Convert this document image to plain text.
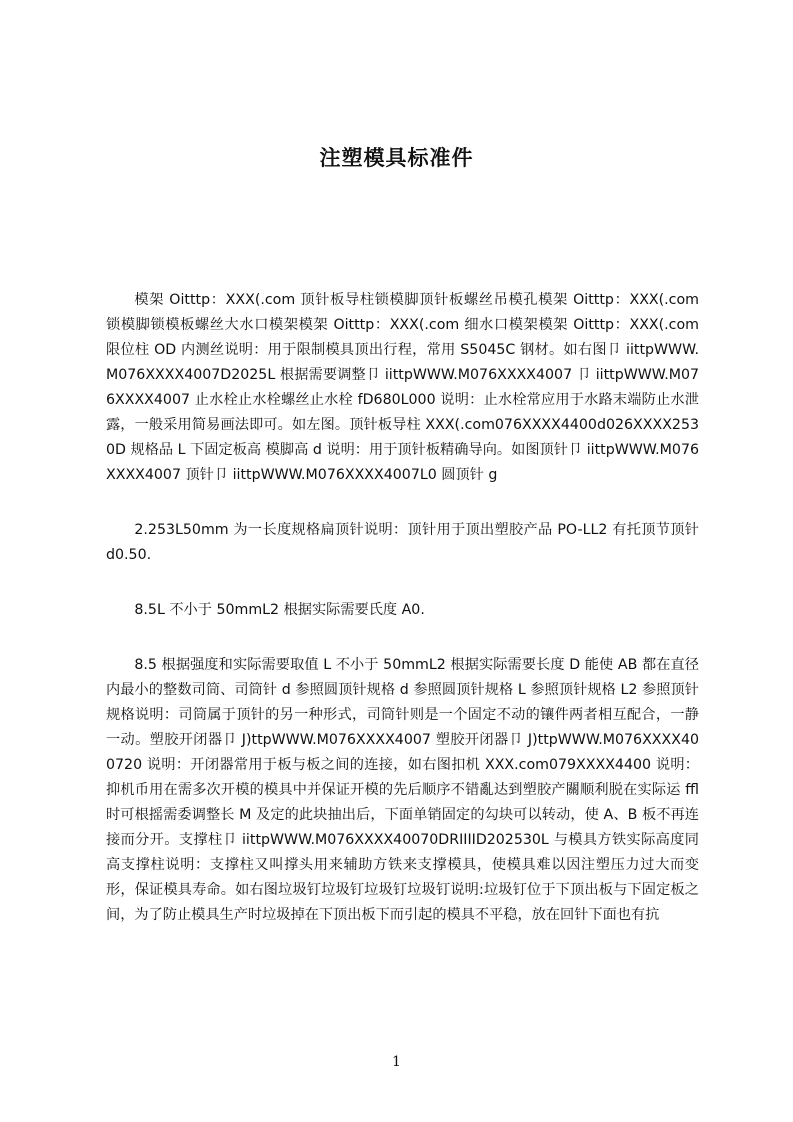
注塑模具标准件

模架 Oitttp：XXX(.com 顶针板导柱锁模脚顶针板螺丝吊模孔模架 Oitttp：XXX(.com 锁模脚锁模板螺丝大水口模架模架 Oitttp：XXX(.com 细水口模架模架 Oitttp：XXX(.com 限位柱 OD 内测丝说明：用于限制模具顶出行程，常用 S5045C 钢材。如右图卩 iittpWWW.M076XXXX4007D2025L 根据需要调整卩 iittpWWW.M076XXXX4007 卩 iittpWWW.M076XXXX4007 止水栓止水栓螺丝止水栓 fD680L000 说明：止水栓常应用于水路末端防止水泄露，一般采用简易画法即可。如左图。顶针板导柱 XXX(.com076XXXX4400d026XXXX2530D 规格品 L 下固定板高 模脚高 d 说明：用于顶针板精确导向。如图顶针卩 iittpWWW.M076XXXX4007 顶针卩 iittpWWW.M076XXXX4007L0 圆顶针 g

2.253L50mm 为一长度规格扁顶针说明：顶针用于顶出塑胶产品 PO-LL2 有托顶节顶针 d0.50.

8.5L 不小于 50mmL2 根据实际需要氏度 A0.

8.5 根据强度和实际需要取值 L 不小于 50mmL2 根据实际需要长度 D 能使 AB 都在直径内最小的整数司筒、司筒针 d 参照圆顶针规格 d 参照圆顶针规格 L 参照顶针规格 L2 参照顶针规格说明：司筒属于顶针的另一种形式，司筒针则是一个固定不动的镶件两者相互配合，一静一动。塑胶开闭器卩 J)ttpWWW.M076XXXX4007 塑胶开闭器卩 J)ttpWWW.M076XXXX400720 说明：开闭器常用于板与板之间的连接，如右图扣机 XXX.com079XXXX4400 说明：抑机币用在需多次开模的模具中并保证开模的先后顺序不错亂达到塑胶产關顺利脱在实际运 ffl 时可根摇需委调整长 M 及定的此块抽出后，下面单销固定的勾块可以转动，使 A、B 板不再连接而分开。支撑柱卩 iittpWWW.M076XXXX40070DRIIIID202530L 与模具方铁实际高度同高支撑柱说明：支撑柱又叫撑头用来辅助方铁来支撑模具，使模具难以因注塑压力过大而变形，保证模具寿命。如右图垃圾钉垃圾钉垃圾钉垃圾钉说明:垃圾钉位于下顶出板与下固定板之间，为了防止模具生产时垃圾掉在下顶出板下而引起的模具不平稳，放在回针下面也有抗

1
